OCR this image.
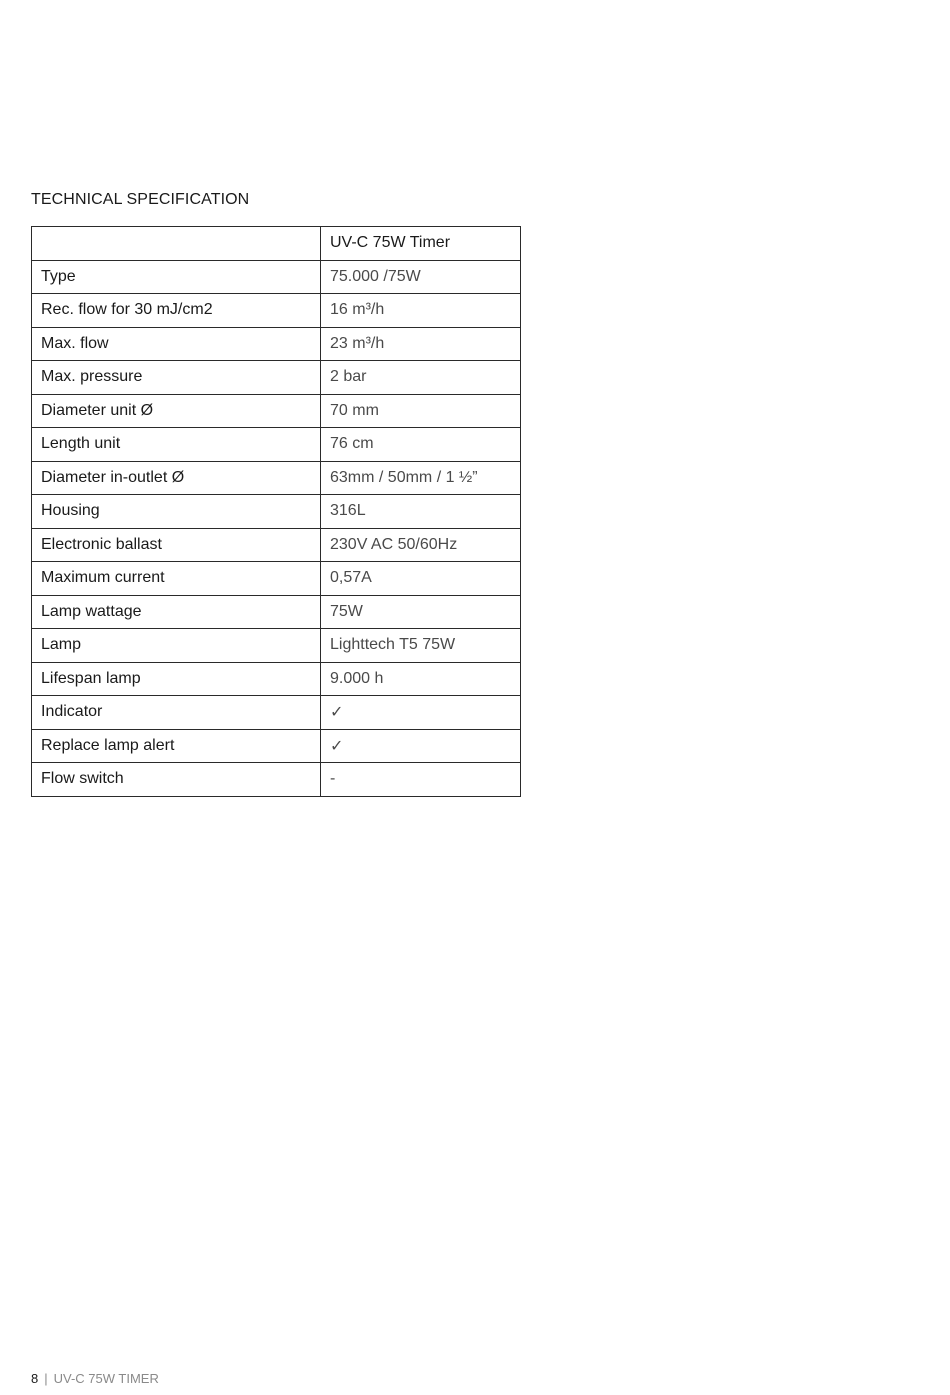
TECHNICAL SPECIFICATION
	UV-C 75W Timer
Type	75.000 /75W
Rec. flow for 30 mJ/cm2	16 m³/h
Max. flow	23 m³/h
Max. pressure	2 bar
Diameter unit Ø	70 mm
Length unit	76 cm
Diameter in-outlet Ø	63mm / 50mm / 1 ½”
Housing	316L
Electronic ballast	230V AC 50/60Hz
Maximum current	0,57A
Lamp wattage	75W
Lamp	Lighttech T5 75W
Lifespan lamp	9.000 h
Indicator	✓
Replace lamp alert	✓
Flow switch	-
8 | UV-C 75W TIMER
